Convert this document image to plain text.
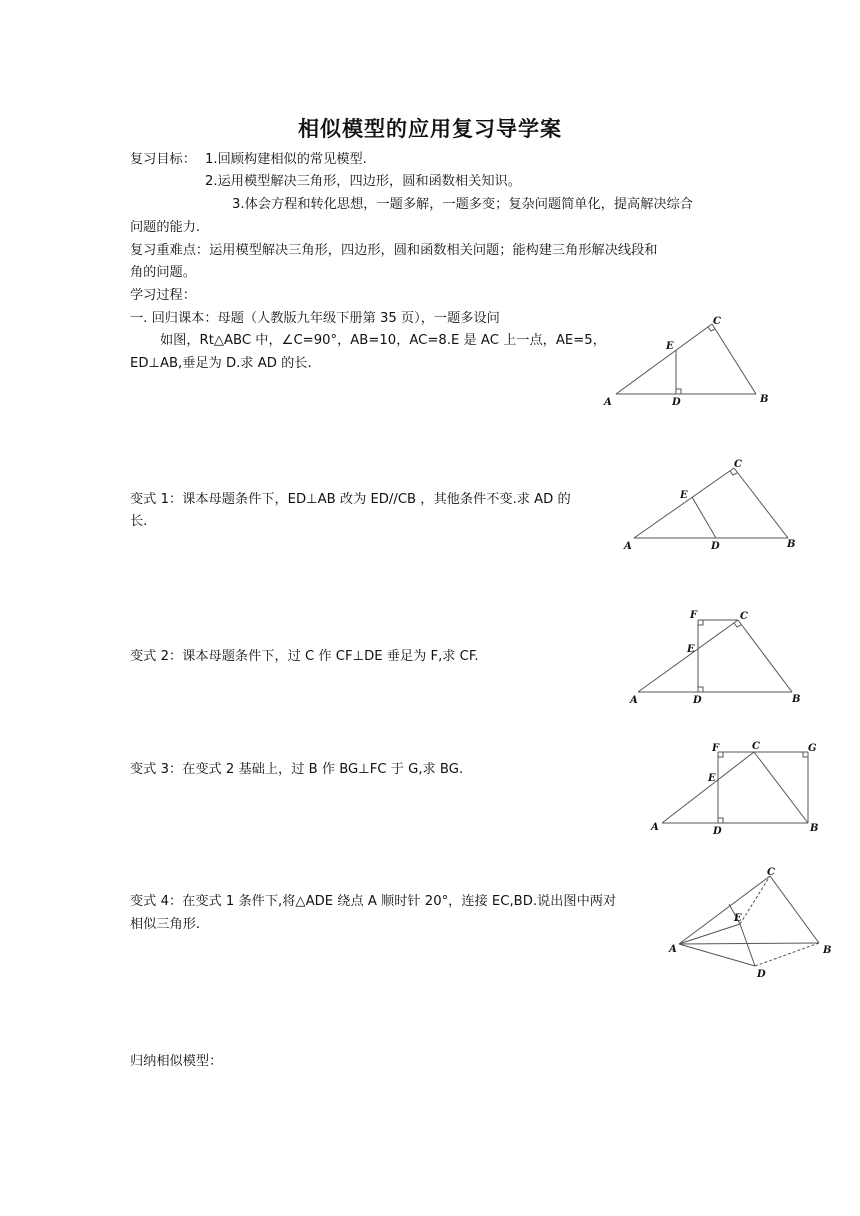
相似模型的应用复习导学案
复习目标： 1.回顾构建相似的常见模型.
2.运用模型解决三角形，四边形，圆和函数相关知识。
3.体会方程和转化思想，一题多解，一题多变；复杂问题简单化，提高解决综合
问题的能力.
复习重难点：运用模型解决三角形，四边形，圆和函数相关问题；能构建三角形解决线段和
角的问题。
学习过程：
一. 回归课本：母题（人教版九年级下册第 35 页），一题多设问
如图，Rt△ABC 中，∠C=90°，AB=10，AC=8.E 是 AC 上一点，AE=5，
ED⊥AB,垂足为 D.求 AD 的长.
A	B
C
D
E
变式 1：课本母题条件下，ED⊥AB 改为 ED//CB ，其他条件不变.求 AD 的
长.
A	B
C
D
E
变式 2：课本母题条件下，过 C 作 CF⊥DE 垂足为 F,求 CF.
A	B
C
D
E
F
变式 3：在变式 2 基础上，过 B 作 BG⊥FC 于 G,求 BG.
A	B
C
D
E
F	G
变式 4：在变式 1 条件下,将△ADE 绕点 A 顺时针 20°，连接 EC,BD.说出图中两对
相似三角形.
A	B
C
D
E
归纳相似模型：
